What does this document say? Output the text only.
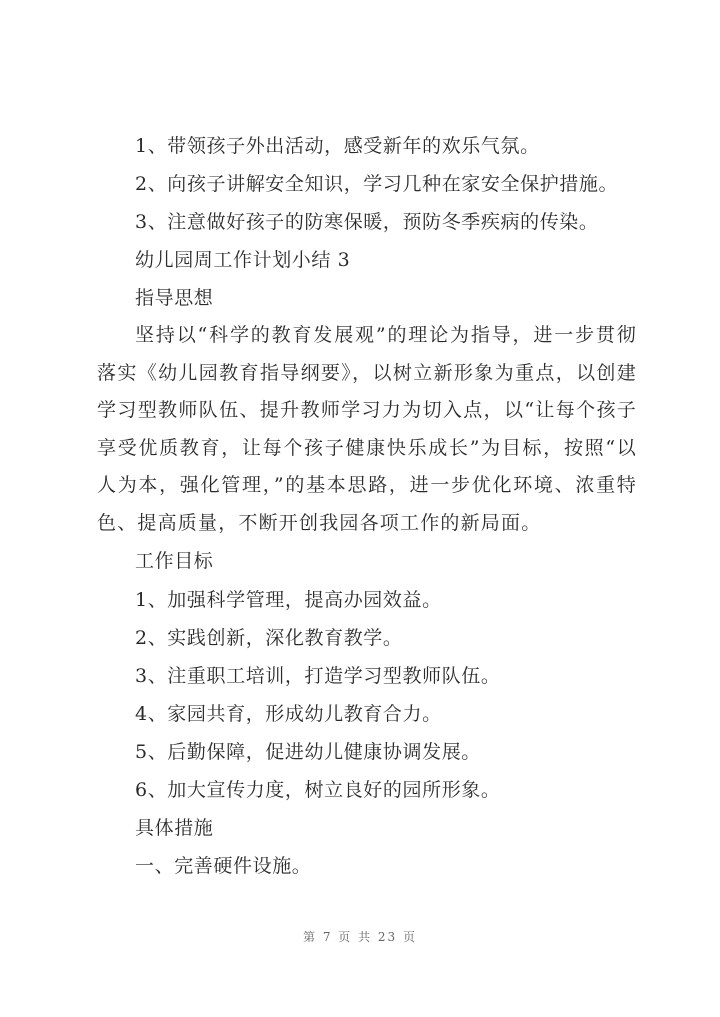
1、带领孩子外出活动，感受新年的欢乐气氛。
2、向孩子讲解安全知识，学习几种在家安全保护措施。
3、注意做好孩子的防寒保暖，预防冬季疾病的传染。
幼儿园周工作计划小结 3
指导思想
坚持以“科学的教育发展观”的理论为指导，进一步贯彻落实《幼儿园教育指导纲要》，以树立新形象为重点，以创建学习型教师队伍、提升教师学习力为切入点，以“让每个孩子享受优质教育，让每个孩子健康快乐成长”为目标，按照“以人为本，强化管理，”的基本思路，进一步优化环境、浓重特色、提高质量，不断开创我园各项工作的新局面。
工作目标
1、加强科学管理，提高办园效益。
2、实践创新，深化教育教学。
3、注重职工培训，打造学习型教师队伍。
4、家园共育，形成幼儿教育合力。
5、后勤保障，促进幼儿健康协调发展。
6、加大宣传力度，树立良好的园所形象。
具体措施
一、完善硬件设施。
第 7 页 共 23 页
